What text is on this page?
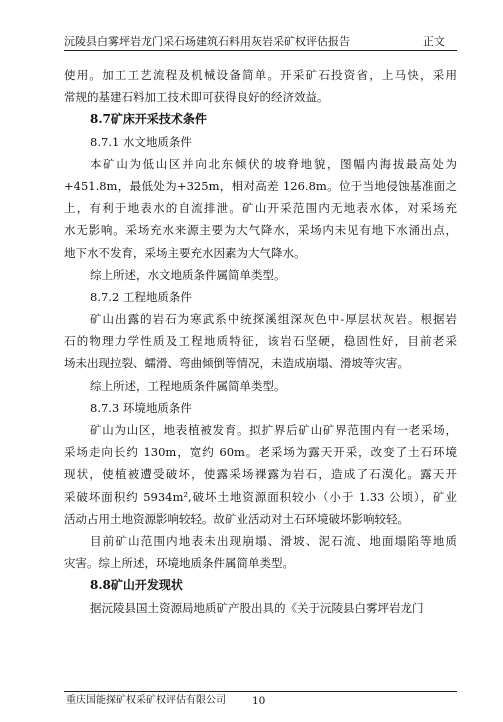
沅陵县白雾坪岩龙门采石场建筑石料用灰岩采矿权评估报告	正文
使用。加工工艺流程及机械设备简单。开采矿石投资省，上马快，采用
常规的基建石料加工技术即可获得良好的经济效益。
8.7矿床开采技术条件
8.7.1 水文地质条件
本矿山为低山区并向北东倾伏的坡脊地貌，图幅内海拔最高处为
+451.8m，最低处为+325m，相对高差 126.8m。位于当地侵蚀基准面之
上，有利于地表水的自流排泄。矿山开采范围内无地表水体，对采场充
水无影响。采场充水来源主要为大气降水，采场内未见有地下水涌出点，
地下水不发育，采场主要充水因素为大气降水。
综上所述，水文地质条件属简单类型。
8.7.2 工程地质条件
矿山出露的岩石为寒武系中统探溪组深灰色中-厚层状灰岩。根据岩
石的物理力学性质及工程地质特征，该岩石坚硬，稳固性好，目前老采
场未出现拉裂、蠕滑、弯曲倾倒等情况，未造成崩塌、滑坡等灾害。
综上所述，工程地质条件属简单类型。
8.7.3 环境地质条件
矿山为山区，地表植被发育。拟扩界后矿山矿界范围内有一老采场，
采场走向长约 130m，宽约 60m。老采场为露天开采，改变了土石环境
现状，使植被遭受破坏，使露采场裸露为岩石，造成了石漠化。露天开
采破坏面积约 5934m²,破坏土地资源面积较小（小于 1.33 公顷），矿业
活动占用土地资源影响较轻。故矿业活动对土石环境破坏影响较轻。
目前矿山范围内地表未出现崩塌、滑坡、泥石流、地面塌陷等地质
灾害。综上所述，环境地质条件属简单类型。
8.8矿山开发现状
据沅陵县国土资源局地质矿产股出具的《关于沅陵县白雾坪岩龙门
重庆国能探矿权采矿权评估有限公司 10
